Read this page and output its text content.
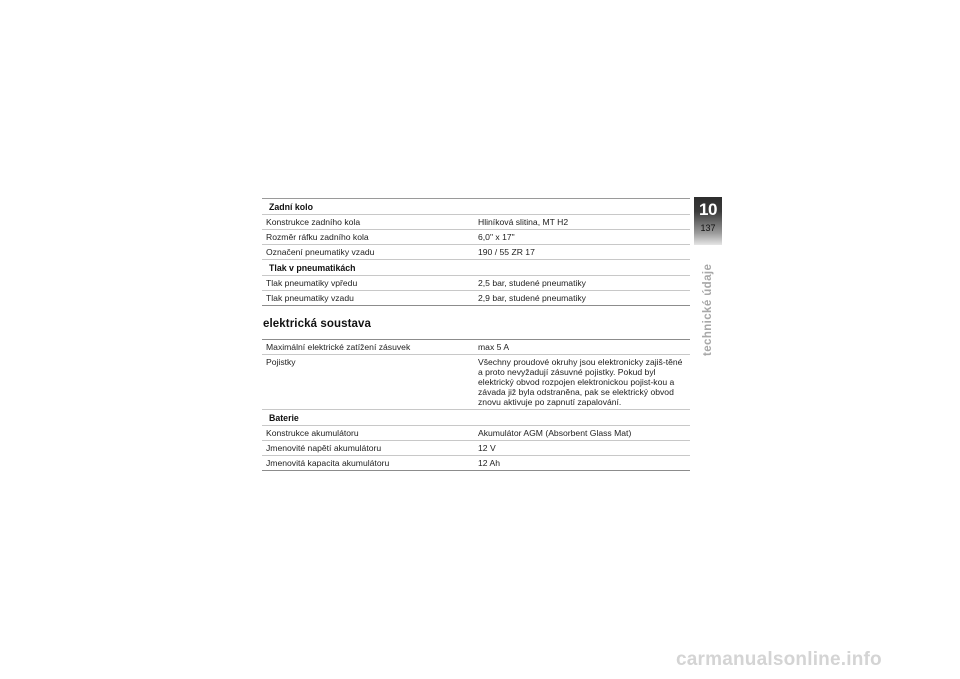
Zadní kolo	
Konstrukce zadního kola	Hliníková slitina, MT H2
Rozměr ráfku zadního kola	6,0" x 17"
Označení pneumatiky vzadu	190 / 55 ZR 17
Tlak v pneumatikách	
Tlak pneumatiky vpředu	2,5 bar, studené pneumatiky
Tlak pneumatiky vzadu	2,9 bar, studené pneumatiky
elektrická soustava
Maximální elektrické zatížení zásuvek	max 5 A
Pojistky	Všechny proudové okruhy jsou elektronicky zajiš-těné a proto nevyžadují zásuvné pojistky. Pokud byl elektrický obvod rozpojen elektronickou pojist-kou a závada již byla odstraněna, pak se elektrický obvod znovu aktivuje po zapnutí zapalování.
Baterie	
Konstrukce akumulátoru	Akumulátor AGM (Absorbent Glass Mat)
Jmenovité napětí akumulátoru	12 V
Jmenovitá kapacita akumulátoru	12 Ah
10
137
technické údaje
carmanualsonline.info
